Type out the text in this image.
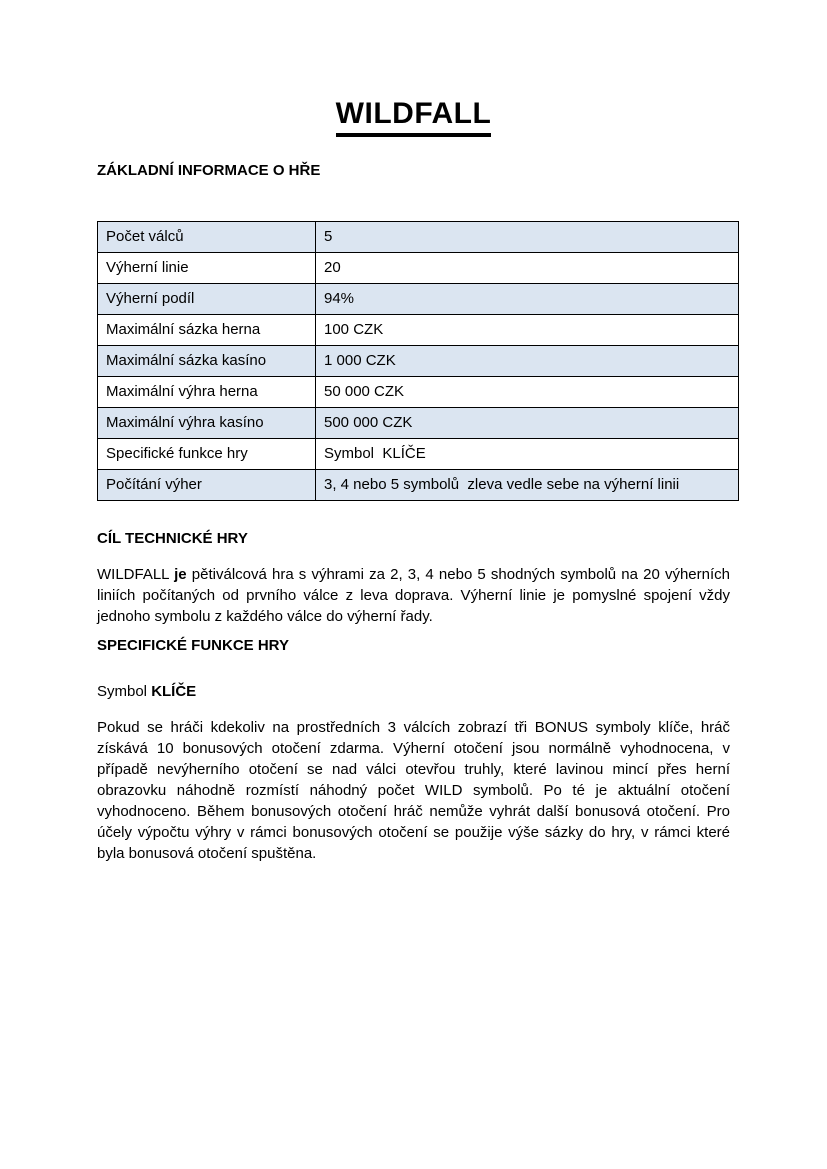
WILDFALL
ZÁKLADNÍ INFORMACE O HŘE
Počet válců	5
Výherní linie	20
Výherní podíl	94%
Maximální sázka herna	100 CZK
Maximální sázka kasíno	1 000 CZK
Maximální výhra herna	50 000 CZK
Maximální výhra kasíno	500 000 CZK
Specifické funkce hry	Symbol  KLÍČE
Počítání výher	3, 4 nebo 5 symbolů  zleva vedle sebe na výherní linii
CÍL TECHNICKÉ HRY

WILDFALL je pětiválcová hra s výhrami za 2, 3, 4 nebo 5 shodných symbolů na 20 výherních liniích počítaných od prvního válce z leva doprava. Výherní linie je pomyslné spojení vždy jednoho symbolu z každého válce do výherní řady.

SPECIFICKÉ FUNKCE HRY

Symbol KLÍČE

Pokud se hráči kdekoliv na prostředních 3 válcích zobrazí tři BONUS symboly klíče, hráč získává 10 bonusových otočení zdarma. Výherní otočení jsou normálně vyhodnocena, v případě nevýherního otočení se nad válci otevřou truhly, které lavinou mincí přes herní obrazovku náhodně rozmístí náhodný počet WILD symbolů. Po té je aktuální otočení vyhodnoceno. Během bonusových otočení hráč nemůže vyhrát další bonusová otočení. Pro účely výpočtu výhry v rámci bonusových otočení se použije výše sázky do hry, v rámci které byla bonusová otočení spuštěna.
